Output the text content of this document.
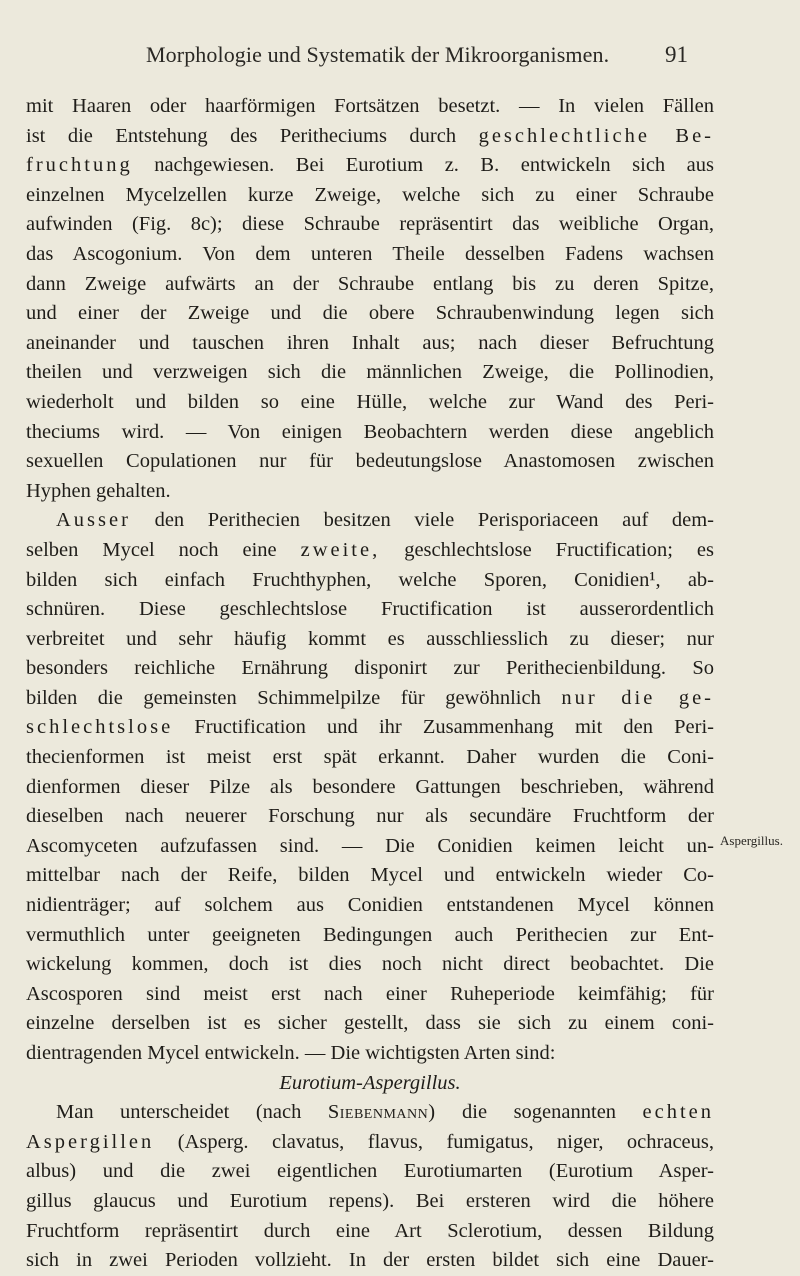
Morphologie und Systematik der Mikroorganismen. 91
mit Haaren oder haarförmigen Fortsätzen besetzt. — In vielen Fällen
ist die Entstehung des Peritheciums durch geschlechtliche Be-
fruchtung nachgewiesen. Bei Eurotium z. B. entwickeln sich aus
einzelnen Mycelzellen kurze Zweige, welche sich zu einer Schraube
aufwinden (Fig. 8c); diese Schraube repräsentirt das weibliche Organ,
das Ascogonium. Von dem unteren Theile desselben Fadens wachsen
dann Zweige aufwärts an der Schraube entlang bis zu deren Spitze,
und einer der Zweige und die obere Schraubenwindung legen sich
aneinander und tauschen ihren Inhalt aus; nach dieser Befruchtung
theilen und verzweigen sich die männlichen Zweige, die Pollinodien,
wiederholt und bilden so eine Hülle, welche zur Wand des Peri-
theciums wird. — Von einigen Beobachtern werden diese angeblich
sexuellen Copulationen nur für bedeutungslose Anastomosen zwischen
Hyphen gehalten.
Ausser den Perithecien besitzen viele Perisporiaceen auf dem-
selben Mycel noch eine zweite, geschlechtslose Fructification; es
bilden sich einfach Fruchthyphen, welche Sporen, Conidien¹, ab-
schnüren. Diese geschlechtslose Fructification ist ausserordentlich
verbreitet und sehr häufig kommt es ausschliesslich zu dieser; nur
besonders reichliche Ernährung disponirt zur Perithecienbildung. So
bilden die gemeinsten Schimmelpilze für gewöhnlich nur die ge-
schlechtslose Fructification und ihr Zusammenhang mit den Peri-
thecienformen ist meist erst spät erkannt. Daher wurden die Coni-
dienformen dieser Pilze als besondere Gattungen beschrieben, während
dieselben nach neuerer Forschung nur als secundäre Fruchtform der
Ascomyceten aufzufassen sind. — Die Conidien keimen leicht un-
mittelbar nach der Reife, bilden Mycel und entwickeln wieder Co-
nidienträger; auf solchem aus Conidien entstandenen Mycel können
vermuthlich unter geeigneten Bedingungen auch Perithecien zur Ent-
wickelung kommen, doch ist dies noch nicht direct beobachtet. Die
Ascosporen sind meist erst nach einer Ruheperiode keimfähig; für
einzelne derselben ist es sicher gestellt, dass sie sich zu einem coni-
dientragenden Mycel entwickeln. — Die wichtigsten Arten sind:
Eurotium-Aspergillus.
Man unterscheidet (nach Siebenmann) die sogenannten echten
Aspergillen (Asperg. clavatus, flavus, fumigatus, niger, ochraceus,
albus) und die zwei eigentlichen Eurotiumarten (Eurotium Asper-
gillus glaucus und Eurotium repens). Bei ersteren wird die höhere
Fruchtform repräsentirt durch eine Art Sclerotium, dessen Bildung
sich in zwei Perioden vollzieht. In der ersten bildet sich eine Dauer-
Aspergillus.
